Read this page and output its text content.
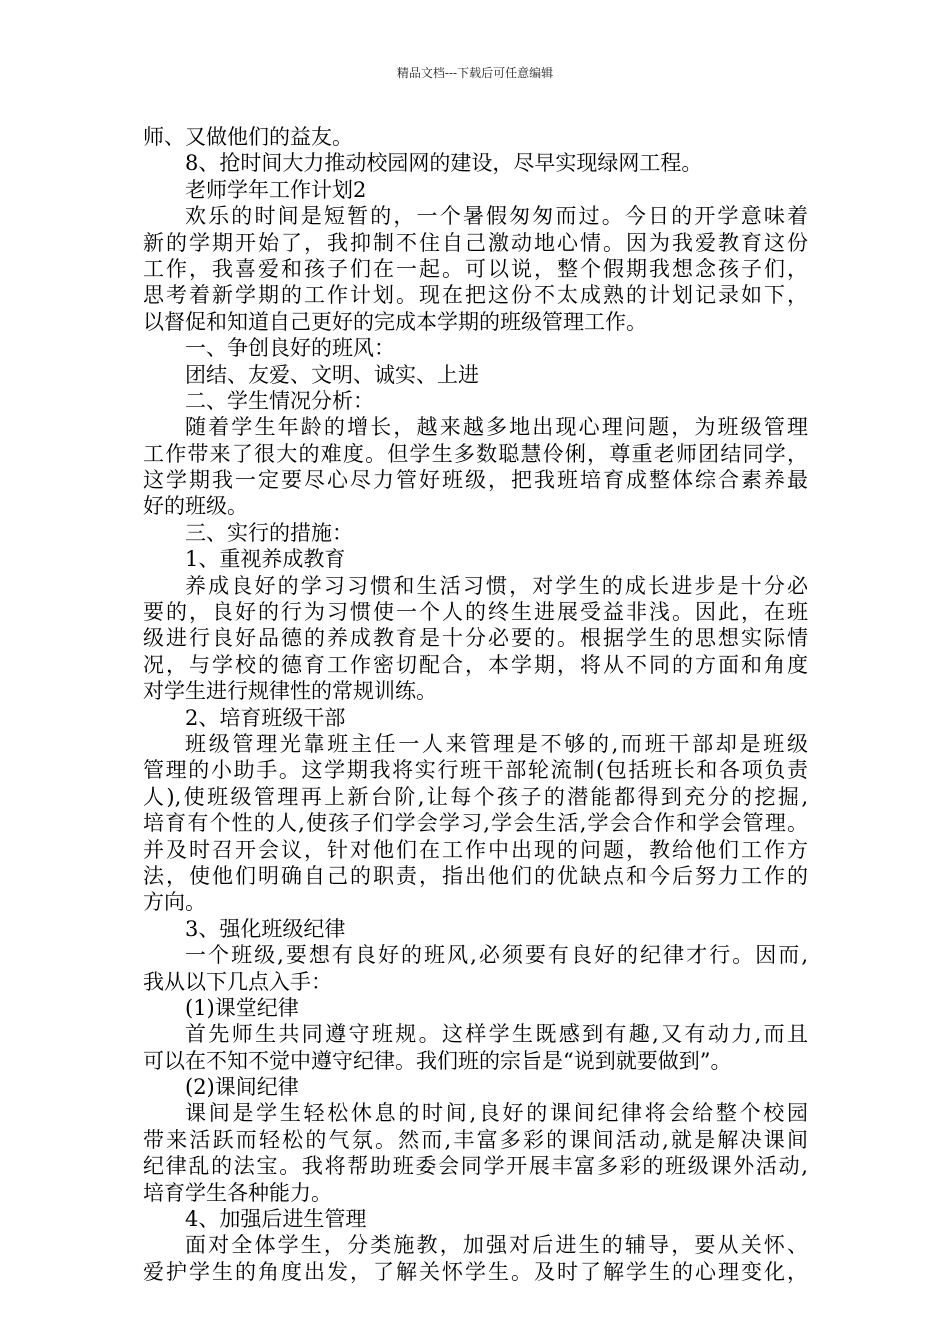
精品文档---下载后可任意编辑
师、又做他们的益友。
8、抢时间大力推动校园网的建设，尽早实现绿网工程。
老师学年工作计划2
欢乐的时间是短暂的，一个暑假匆匆而过。今日的开学意味着
新的学期开始了，我抑制不住自己激动地心情。因为我爱教育这份
工作，我喜爱和孩子们在一起。可以说，整个假期我想念孩子们，
思考着新学期的工作计划。现在把这份不太成熟的计划记录如下，
以督促和知道自己更好的完成本学期的班级管理工作。
一、争创良好的班风：
团结、友爱、文明、诚实、上进
二、学生情况分析：
随着学生年龄的增长，越来越多地出现心理问题，为班级管理
工作带来了很大的难度。但学生多数聪慧伶俐，尊重老师团结同学，
这学期我一定要尽心尽力管好班级，把我班培育成整体综合素养最
好的班级。
三、实行的措施：
1、重视养成教育
养成良好的学习习惯和生活习惯，对学生的成长进步是十分必
要的，良好的行为习惯使一个人的终生进展受益非浅。因此，在班
级进行良好品德的养成教育是十分必要的。根据学生的思想实际情
况，与学校的德育工作密切配合，本学期，将从不同的方面和角度
对学生进行规律性的常规训练。
2、培育班级干部
班级管理光靠班主任一人来管理是不够的,而班干部却是班级
管理的小助手。这学期我将实行班干部轮流制(包括班长和各项负责
人),使班级管理再上新台阶,让每个孩子的潜能都得到充分的挖掘,
培育有个性的人,使孩子们学会学习,学会生活,学会合作和学会管理。
并及时召开会议，针对他们在工作中出现的问题，教给他们工作方
法，使他们明确自己的职责，指出他们的优缺点和今后努力工作的
方向。
3、强化班级纪律
一个班级,要想有良好的班风,必须要有良好的纪律才行。因而,
我从以下几点入手：
(1)课堂纪律
首先师生共同遵守班规。这样学生既感到有趣,又有动力,而且
可以在不知不觉中遵守纪律。我们班的宗旨是“说到就要做到”。
(2)课间纪律
课间是学生轻松休息的时间,良好的课间纪律将会给整个校园
带来活跃而轻松的气氛。然而,丰富多彩的课间活动,就是解决课间
纪律乱的法宝。我将帮助班委会同学开展丰富多彩的班级课外活动,
培育学生各种能力。
4、加强后进生管理
面对全体学生，分类施教，加强对后进生的辅导，要从关怀、
爱护学生的角度出发，了解关怀学生。及时了解学生的心理变化，
